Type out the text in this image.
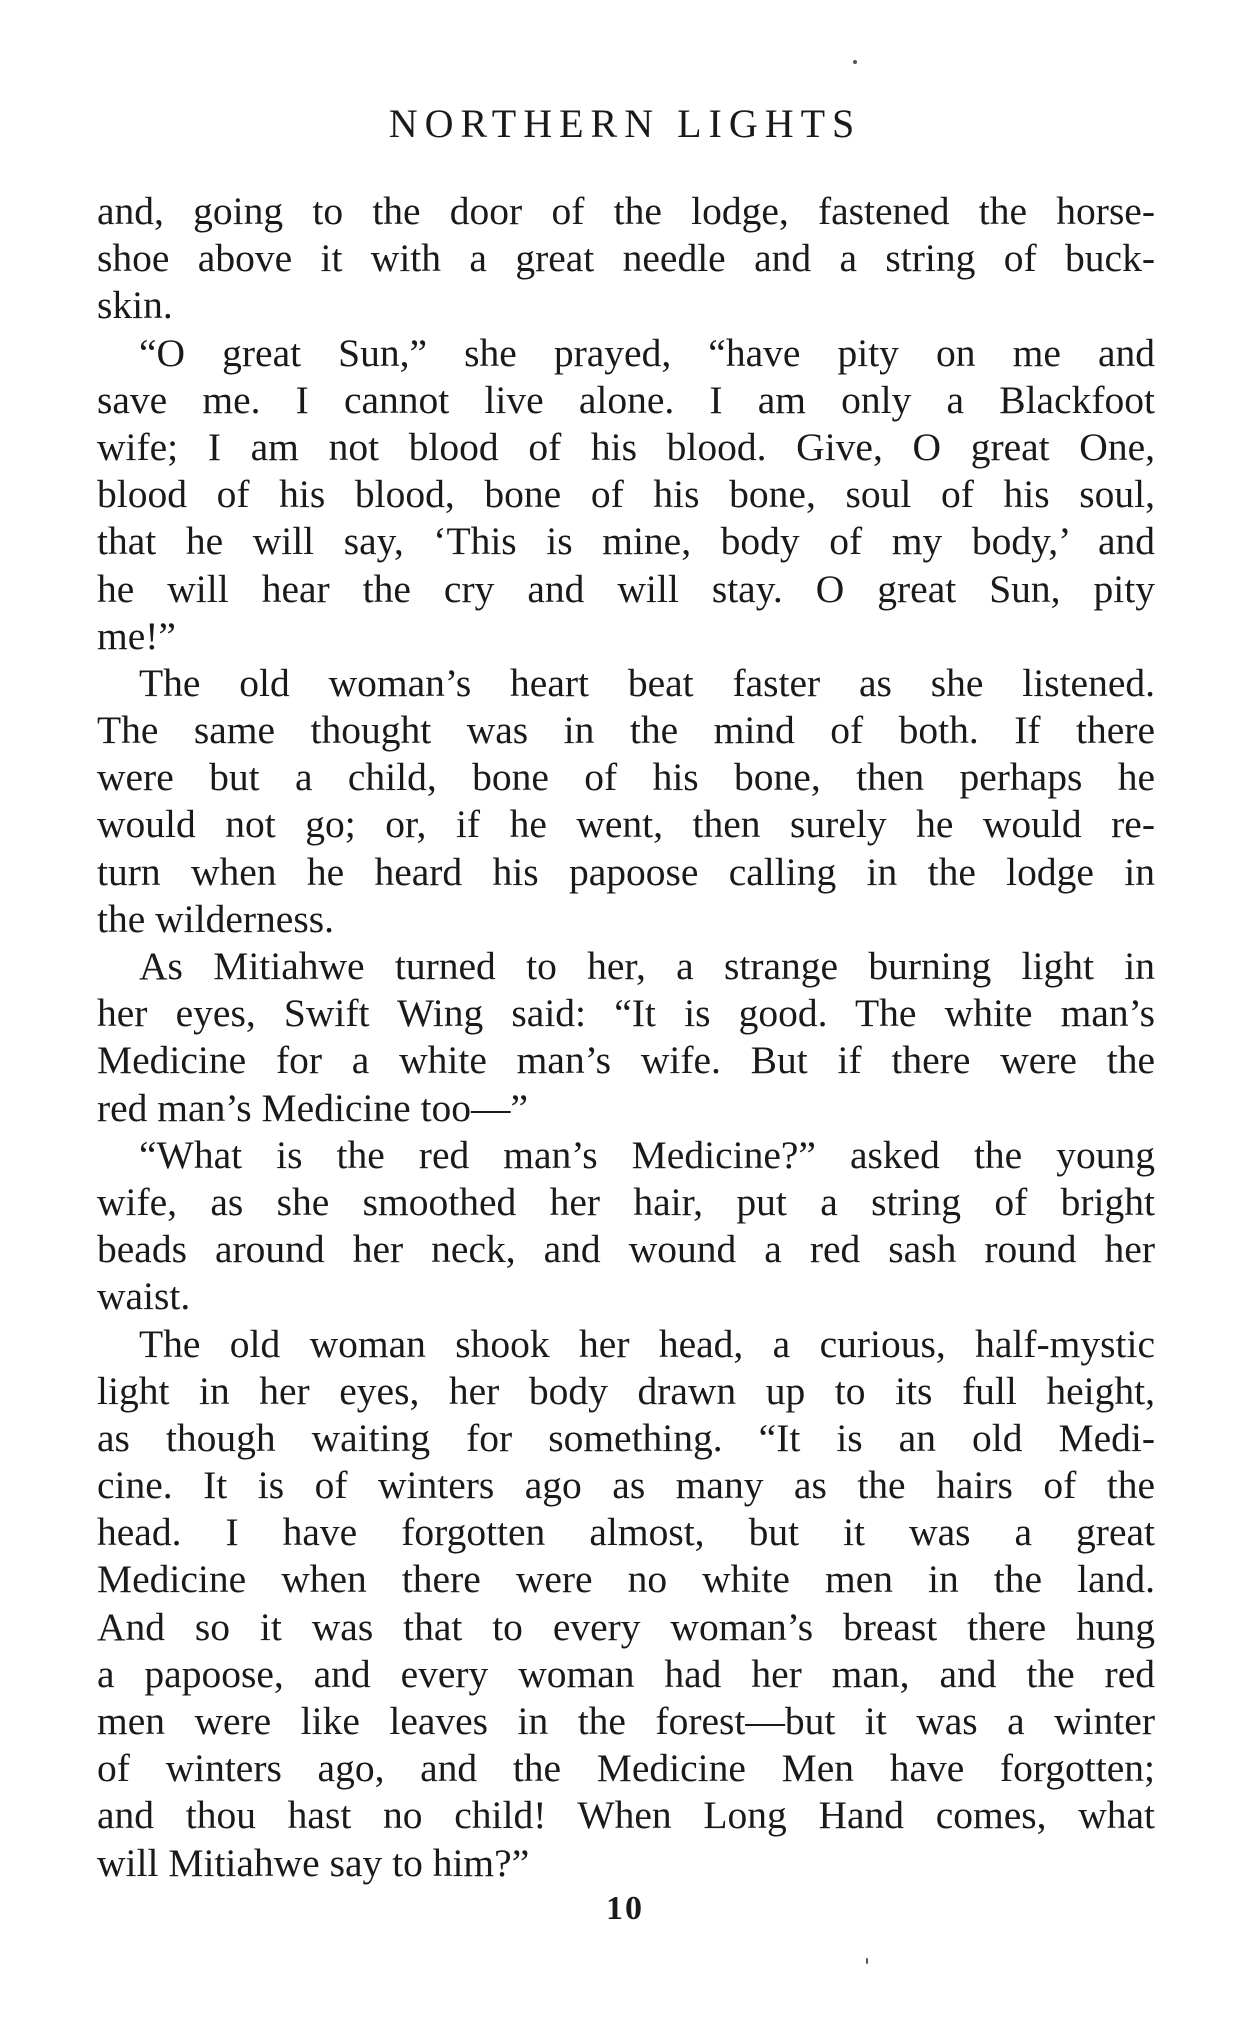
NORTHERN LIGHTS
and, going to the door of the lodge, fastened the horse-
shoe above it with a great needle and a string of buck-
skin.
“O great Sun,” she prayed, “have pity on me and
save me. I cannot live alone. I am only a Blackfoot
wife; I am not blood of his blood. Give, O great One,
blood of his blood, bone of his bone, soul of his soul,
that he will say, ‘This is mine, body of my body,’ and
he will hear the cry and will stay. O great Sun, pity
me!”
The old woman’s heart beat faster as she listened.
The same thought was in the mind of both. If there
were but a child, bone of his bone, then perhaps he
would not go; or, if he went, then surely he would re-
turn when he heard his papoose calling in the lodge in
the wilderness.
As Mitiahwe turned to her, a strange burning light in
her eyes, Swift Wing said: “It is good. The white man’s
Medicine for a white man’s wife. But if there were the
red man’s Medicine too—”
“What is the red man’s Medicine?” asked the young
wife, as she smoothed her hair, put a string of bright
beads around her neck, and wound a red sash round her
waist.
The old woman shook her head, a curious, half-mystic
light in her eyes, her body drawn up to its full height,
as though waiting for something. “It is an old Medi-
cine. It is of winters ago as many as the hairs of the
head. I have forgotten almost, but it was a great
Medicine when there were no white men in the land.
And so it was that to every woman’s breast there hung
a papoose, and every woman had her man, and the red
men were like leaves in the forest—but it was a winter
of winters ago, and the Medicine Men have forgotten;
and thou hast no child! When Long Hand comes, what
will Mitiahwe say to him?”
10
